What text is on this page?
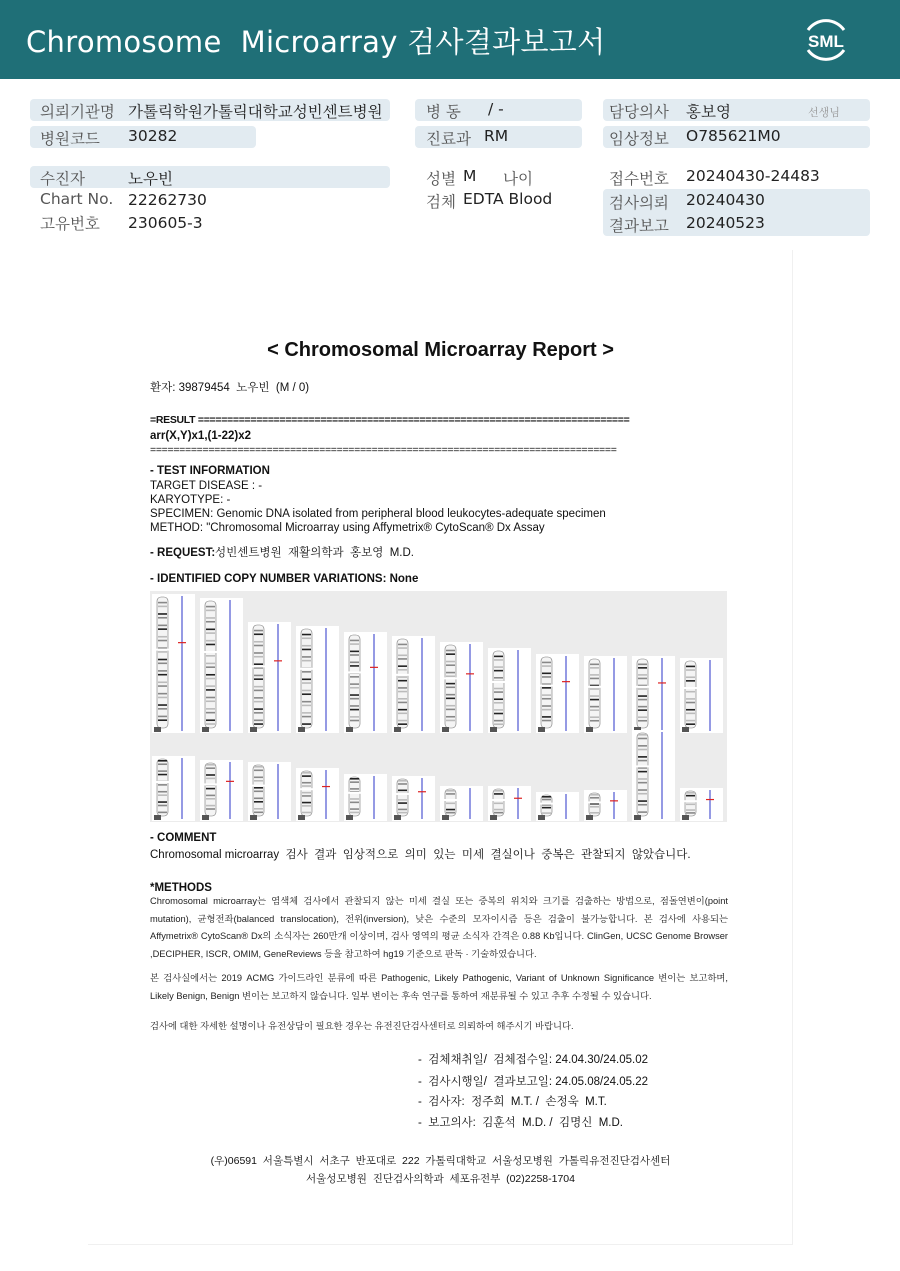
Chromosome  Microarray 검사결과보고서	SML
의뢰기관명 가톨릭학원가톨릭대학교성빈센트병원
병원코드 30282
병 동 / -
진료과 RM
담당의사 홍보영	선생님
임상정보 O785621M0
수진자	노우빈
Chart No. 22262730
고유번호 230605-3
성별 M 나이
검체 EDTA Blood
접수번호 20240430-24483
검사의뢰 20240430
결과보고 20240523
< Chromosomal Microarray Report >
환자: 39879454  노우빈  (M / 0)
=RESULT ==========================================================================
arr(X,Y)x1,(1-22)x2
================================================================================
- TEST INFORMATION
TARGET DISEASE : -
KARYOTYPE: -
SPECIMEN: Genomic DNA isolated from peripheral blood leukocytes-adequate specimen
METHOD: "Chromosomal Microarray using Affymetrix® CytoScan® Dx Assay
- REQUEST: 성빈센트병원  재활의학과  홍보영  M.D.
- IDENTIFIED COPY NUMBER VARIATIONS: None
- COMMENT
Chromosomal microarray  검사  결과  임상적으로  의미  있는  미세  결실이나  중복은  관찰되지  않았습니다.
*METHODS
Chromosomal microarray는 염색체 검사에서 관찰되지 않는 미세 결실 또는 중복의 위치와 크기를 검출하는 방법으로, 점돌연변이(point mutation), 균형전좌(balanced translocation), 전위(inversion), 낮은 수준의 모자이시즘 등은 검출이 불가능합니다. 본 검사에 사용되는 Affymetrix® CytoScan® Dx의 소식자는 260만개 이상이며, 검사 영역의 평균 소식자 간격은 0.88 Kb입니다. ClinGen, UCSC Genome Browser ,DECIPHER, ISCR, OMIM, GeneReviews 등을 참고하여 hg19 기준으로 판독 · 기술하였습니다.
본 검사실에서는 2019 ACMG 가이드라인 분류에 따른 Pathogenic, Likely Pathogenic, Variant of Unknown Significance 변이는 보고하며, Likely Benign, Benign 변이는 보고하지 않습니다. 일부 변이는 후속 연구를 통하여 재분류될 수 있고 추후 수정될 수 있습니다.
검사에 대한 자세한 설명이나 유전상담이 필요한 경우는 유전진단검사센터로 의뢰하여 해주시기 바랍니다.
-  검체채취일/  검체접수일: 24.04.30/24.05.02
-  검사시행일/  결과보고일: 24.05.08/24.05.22
-  검사자:  정주희  M.T. /  손정욱  M.T.
-  보고의사:  김훈석  M.D. /  김명신  M.D.
(우)06591  서울특별시  서초구  반포대로  222  가톨릭대학교  서울성모병원  가톨릭유전진단검사센터
서울성모병원  진단검사의학과  세포유전부  (02)2258-1704
